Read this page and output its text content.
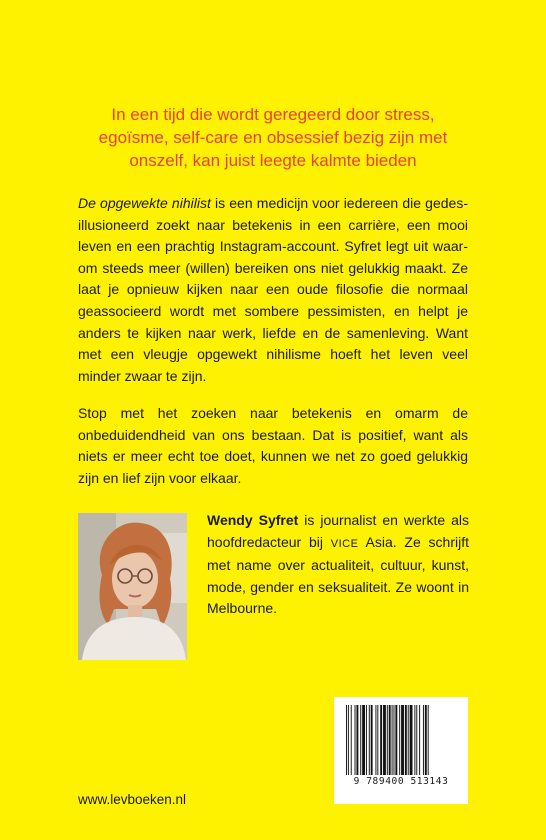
In een tijd die wordt geregeerd door stress, egoïsme, self-care en obsessief bezig zijn met onszelf, kan juist leegte kalmte bieden
De opgewekte nihilist is een medicijn voor iedereen die gedesillusioneerd zoekt naar betekenis in een carrière, een mooi leven en een prachtig Instagram-account. Syfret legt uit waarom steeds meer (willen) bereiken ons niet gelukkig maakt. Ze laat je opnieuw kijken naar een oude filosofie die normaal geassocieerd wordt met sombere pessimisten, en helpt je anders te kijken naar werk, liefde en de samenleving. Want met een vleugje opgewekt nihilisme hoeft het leven veel minder zwaar te zijn.
Stop met het zoeken naar betekenis en omarm de onbeduidendheid van ons bestaan. Dat is positief, want als niets er meer echt toe doet, kunnen we net zo goed gelukkig zijn en lief zijn voor elkaar.
Wendy Syfret is journalist en werkte als hoofdredacteur bij VICE Asia. Ze schrijft met name over actualiteit, cultuur, kunst, mode, gender en seksualiteit. Ze woont in Melbourne.
9 789400 513143
www.levboeken.nl
